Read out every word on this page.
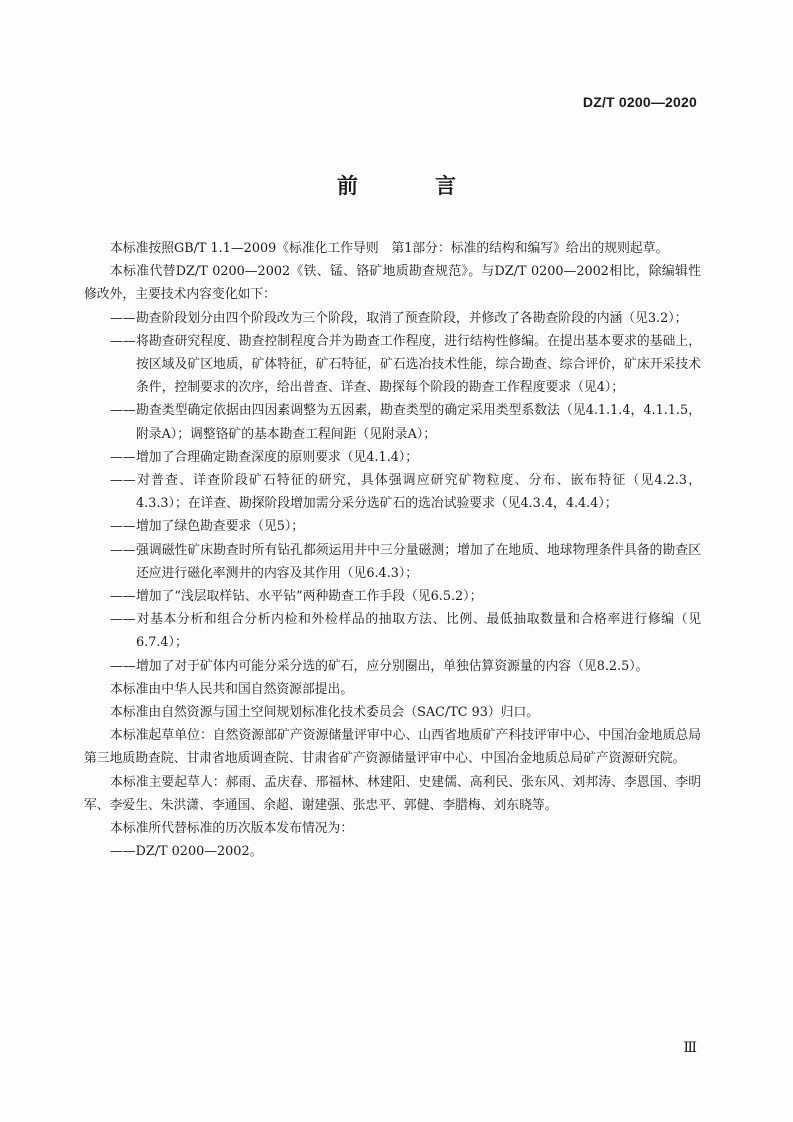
DZ/T 0200—2020
前　言

本标准按照GB/T 1.1—2009《标准化工作导则　第1部分：标准的结构和编写》给出的规则起草。

本标准代替DZ/T 0200—2002《铁、锰、铬矿地质勘查规范》。与DZ/T 0200—2002相比，除编辑性修改外，主要技术内容变化如下：

——勘查阶段划分由四个阶段改为三个阶段，取消了预查阶段，并修改了各勘查阶段的内涵（见3.2）；

——将勘查研究程度、勘查控制程度合并为勘查工作程度，进行结构性修编。在提出基本要求的基础上，按区域及矿区地质，矿体特征，矿石特征，矿石选冶技术性能，综合勘查、综合评价，矿床开采技术条件，控制要求的次序，给出普查、详查、勘探每个阶段的勘查工作程度要求（见4）；

——勘查类型确定依据由四因素调整为五因素，勘查类型的确定采用类型系数法（见4.1.1.4，4.1.1.5，附录A）；调整铬矿的基本勘查工程间距（见附录A）；

——增加了合理确定勘查深度的原则要求（见4.1.4）；

——对普查、详查阶段矿石特征的研究，具体强调应研究矿物粒度、分布、嵌布特征（见4.2.3，4.3.3）；在详查、勘探阶段增加需分采分选矿石的选冶试验要求（见4.3.4，4.4.4）；

——增加了绿色勘查要求（见5）；

——强调磁性矿床勘查时所有钻孔都须运用井中三分量磁测；增加了在地质、地球物理条件具备的勘查区还应进行磁化率测井的内容及其作用（见6.4.3）；

——增加了“浅层取样钻、水平钻”两种勘查工作手段（见6.5.2）；

——对基本分析和组合分析内检和外检样品的抽取方法、比例、最低抽取数量和合格率进行修编（见6.7.4）；

——增加了对于矿体内可能分采分选的矿石，应分别圈出，单独估算资源量的内容（见8.2.5）。

本标准由中华人民共和国自然资源部提出。

本标准由自然资源与国土空间规划标准化技术委员会（SAC/TC 93）归口。

本标准起草单位：自然资源部矿产资源储量评审中心、山西省地质矿产科技评审中心、中国冶金地质总局第三地质勘查院、甘肃省地质调查院、甘肃省矿产资源储量评审中心、中国冶金地质总局矿产资源研究院。

本标准主要起草人：郝雨、孟庆春、邢福林、林建阳、史建儒、高利民、张东风、刘邦涛、李恩国、李明军、李爱生、朱洪潇、李通国、余超、谢建强、张忠平、郭健、李腊梅、刘东晓等。

本标准所代替标准的历次版本发布情况为：

——DZ/T 0200—2002。

Ⅲ
